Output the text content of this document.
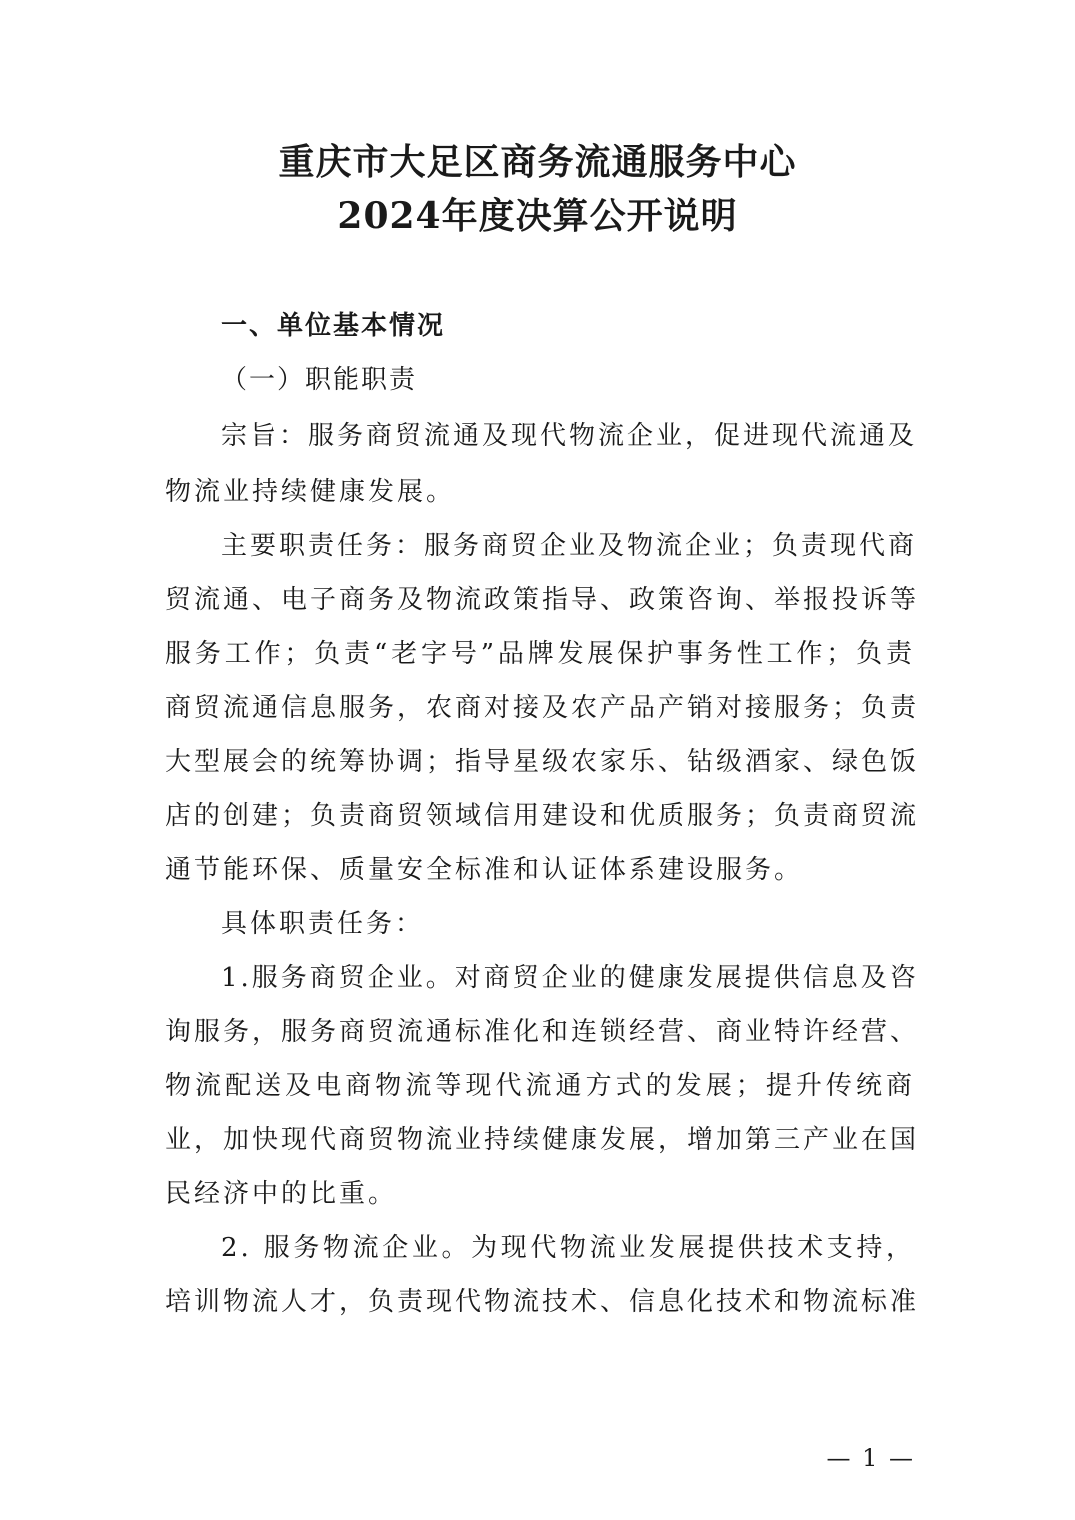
重庆市大足区商务流通服务中心
2024年度决算公开说明
一、单位基本情况
（一）职能职责
宗旨：服务商贸流通及现代物流企业，促进现代流通及
物流业持续健康发展。
主要职责任务：服务商贸企业及物流企业；负责现代商
贸流通、电子商务及物流政策指导、政策咨询、举报投诉等
服务工作；负责“老字号”品牌发展保护事务性工作；负责
商贸流通信息服务，农商对接及农产品产销对接服务；负责
大型展会的统筹协调；指导星级农家乐、钻级酒家、绿色饭
店的创建；负责商贸领域信用建设和优质服务；负责商贸流
通节能环保、质量安全标准和认证体系建设服务。
具体职责任务：
1.服务商贸企业。对商贸企业的健康发展提供信息及咨
询服务，服务商贸流通标准化和连锁经营、商业特许经营、
物流配送及电商物流等现代流通方式的发展；提升传统商
业，加快现代商贸物流业持续健康发展，增加第三产业在国
民经济中的比重。
2. 服务物流企业。为现代物流业发展提供技术支持，
培训物流人才，负责现代物流技术、信息化技术和物流标准
— 1 —
